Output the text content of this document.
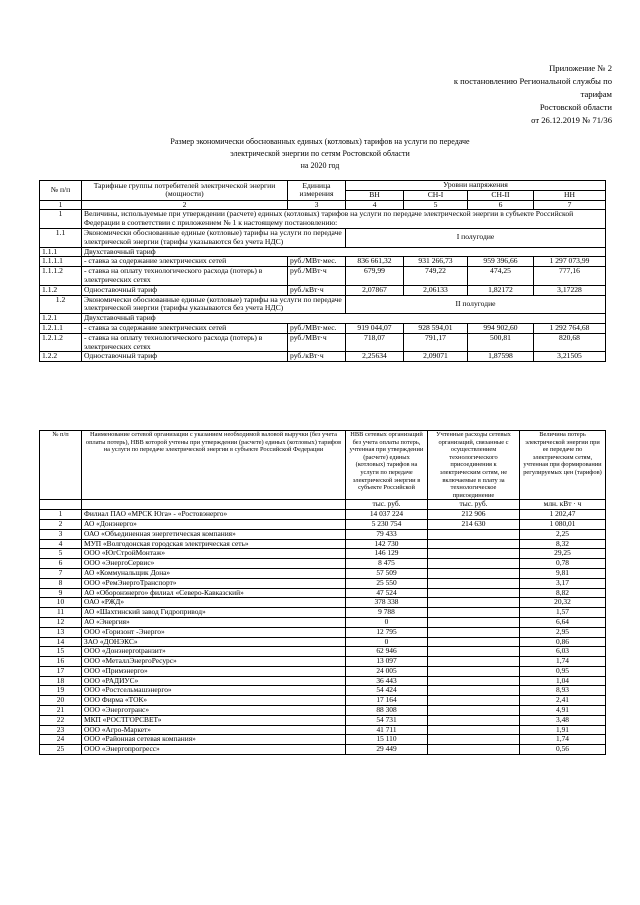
Приложение № 2
к постановлению Региональной службы по
тарифам
Ростовской области
от 26.12.2019 № 71/36
Размер экономически обоснованных единых (котловых) тарифов на услуги по передаче
электрической энергии по сетям Ростовской области
на 2020 год
№ п/п	Тарифные группы потребителей электрической энергии (мощности)	Единица измерения	Уровни напряжения			
			ВН	СН-I	СН-II	НН
1	2	3	4	5	6	7
1	Величины, используемые при утверждении (расчете) единых (котловых) тарифов на услуги по передаче электрической энергии в субъекте Российской Федерации в соответствии с приложением № 1 к настоящему постановлению:					
1.1	Экономически обоснованные единые (котловые) тарифы на услуги по передаче электрической энергии (тарифы указываются без учета НДС)		I полугодие			
1.1.1	Двухставочный тариф					
1.1.1.1	- ставка за содержание электрических сетей	руб./МВт·мес.	836 661,32	931 266,73	959 396,66	1 297 073,99
1.1.1.2	- ставка на оплату технологического расхода (потерь) в электрических сетях	руб./МВт·ч	679,99	749,22	474,25	777,16
1.1.2	Одноставочный тариф	руб./кВт·ч	2,07867	2,06133	1,82172	3,17228
1.2	Экономически обоснованные единые (котловые) тарифы на услуги по передаче электрической энергии (тарифы указываются без учета НДС)		II полугодие			
1.2.1	Двухставочный тариф					
1.2.1.1	- ставка за содержание электрических сетей	руб./МВт·мес.	919 044,07	928 594,01	994 902,60	1 292 764,68
1.2.1.2	- ставка на оплату технологического расхода (потерь) в электрических сетях	руб./МВт·ч	718,07	791,17	500,81	820,68
1.2.2	Одноставочный тариф	руб./кВт·ч	2,25634	2,09071	1,87598	3,21505
№ п/п	Наименование сетевой организации с указанием необходимой валовой выручки (без учета оплаты потерь), НВВ которой учтены при утверждении (расчете) единых (котловых) тарифов на услуги по передаче электрической энергии в субъекте Российской Федерации	НВВ сетевых организаций без учета оплаты потерь, учтенная при утверждении (расчете) единых (котловых) тарифов на услуги по передаче электрической энергии в субъекте Российской	Учтенные расходы сетевых организаций, связанные с осуществлением технологического присоединения к электрическим сетям, не включаемые в плату за технологическое присоединение	Величина потерь электрической энергии при ее передаче по электрическим сетям, учтенная при формировании регулируемых цен (тарифов)
		тыс. руб.	тыс. руб.	млн. кВт · ч
1	Филиал ПАО «МРСК Юга» - «Ростовэнерго»	14 037 224	212 906	1 202,47
2	АО «Донэнерго»	5 230 754	214 630	1 080,01
3	ОАО «Объединенная энергетическая компания»	79 433		2,25
4	МУП «Волгодонская городская электрическая сеть»	142 730		8,32
5	ООО «ЮгСтройМонтаж»	146 129		29,25
6	ООО «ЭнергоСервис»	8 475		0,78
7	АО «Коммунальщик Дона»	57 509		9,81
8	ООО «РемЭнергоТранспорт»	25 550		3,17
9	АО «Оборонэнерго» филиал «Северо-Кавказский»	47 524		8,82
10	ОАО «РЖД»	378 338		20,32
11	АО «Шахтинский завод Гидропривод»	9 788		1,57
12	АО «Энергия»	0		6,64
13	ООО «Горизонт -Энерго»	12 795		2,95
14	ЗАО «ДОНЭКС»	0		0,86
15	ООО «Донэнергоtранзит»	62 946		6,03
16	ООО «МеталлЭнергоРесурс»	13 097		1,74
17	ООО «Примэнерго»	24 005		0,95
18	ООО «РАДИУС»	36 443		1,04
19	ООО «Ростсельмашэнерго»	54 424		8,93
20	ООО Фирма «ТОК»	17 164		2,41
21	ООО «Энерготранс»	88 308		4,91
22	МКП «РОСТГОРСВЕТ»	54 731		3,48
23	ООО «Агро-Маркет»	41 711		1,91
24	ООО «Районная сетевая компания»	15 110		1,74
25	ООО «Энергопрогресс»	29 449		0,56
